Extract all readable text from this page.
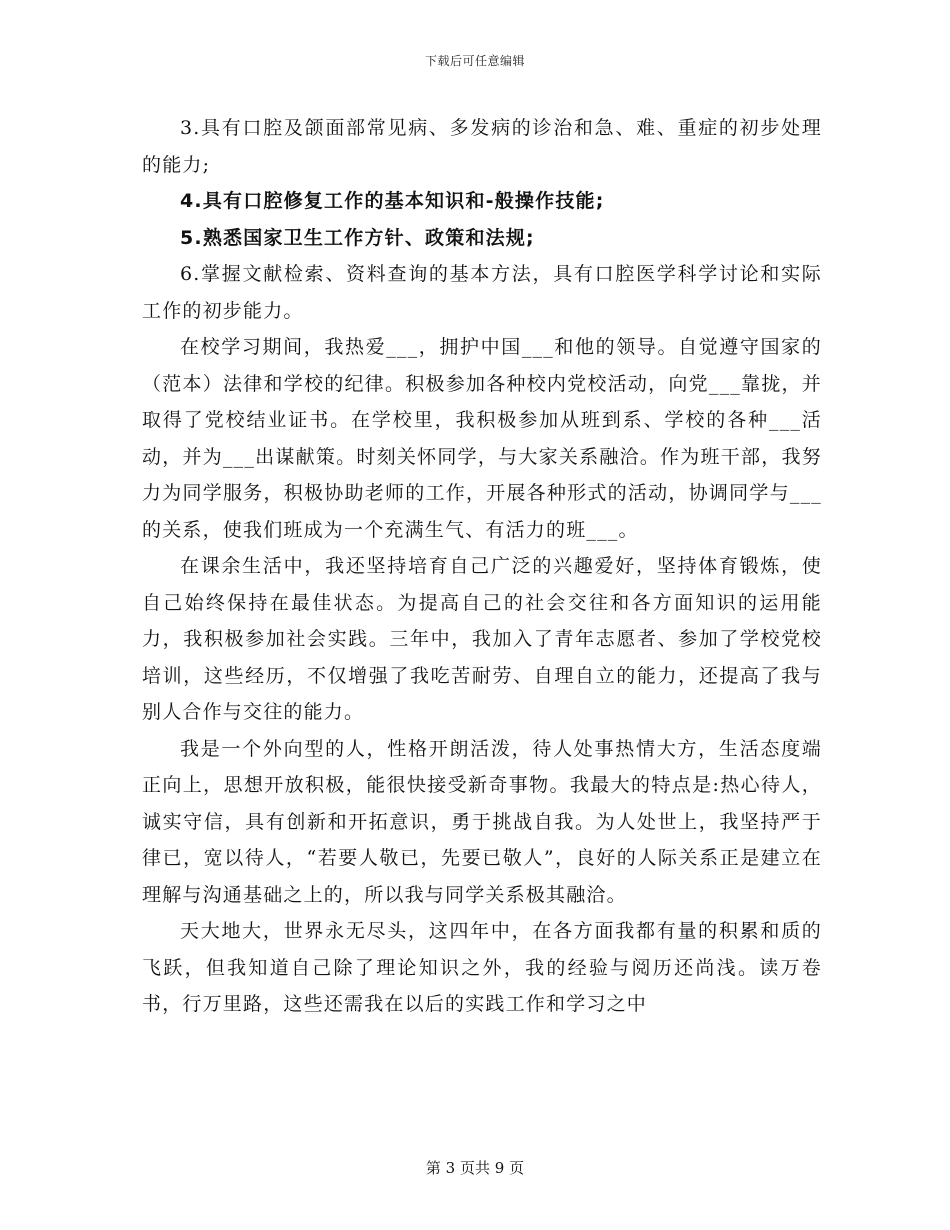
下载后可任意编辑

3.具有口腔及颌面部常见病、多发病的诊治和急、难、重症的初步处理的能力;

4.具有口腔修复工作的基本知识和-般操作技能;

5.熟悉国家卫生工作方针、政策和法规;

6.掌握文献检索、资料查询的基本方法，具有口腔医学科学讨论和实际工作的初步能力。

在校学习期间，我热爱___，拥护中国___和他的领导。自觉遵守国家的（范本）法律和学校的纪律。积极参加各种校内党校活动，向党___靠拢，并取得了党校结业证书。在学校里，我积极参加从班到系、学校的各种___活动，并为___出谋献策。时刻关怀同学，与大家关系融洽。作为班干部，我努力为同学服务，积极协助老师的工作，开展各种形式的活动，协调同学与___的关系，使我们班成为一个充满生气、有活力的班___。

在课余生活中，我还坚持培育自己广泛的兴趣爱好，坚持体育锻炼，使自己始终保持在最佳状态。为提高自己的社会交往和各方面知识的运用能力，我积极参加社会实践。三年中，我加入了青年志愿者、参加了学校党校培训，这些经历，不仅增强了我吃苦耐劳、自理自立的能力，还提高了我与别人合作与交往的能力。

我是一个外向型的人，性格开朗活泼，待人处事热情大方，生活态度端正向上，思想开放积极，能很快接受新奇事物。我最大的特点是:热心待人，诚实守信，具有创新和开拓意识，勇于挑战自我。为人处世上，我坚持严于律已，宽以待人，“若要人敬已，先要已敬人”，良好的人际关系正是建立在理解与沟通基础之上的，所以我与同学关系极其融洽。

天大地大，世界永无尽头，这四年中，在各方面我都有量的积累和质的飞跃，但我知道自己除了理论知识之外，我的经验与阅历还尚浅。读万卷书，行万里路，这些还需我在以后的实践工作和学习之中

第 3 页共 9 页
